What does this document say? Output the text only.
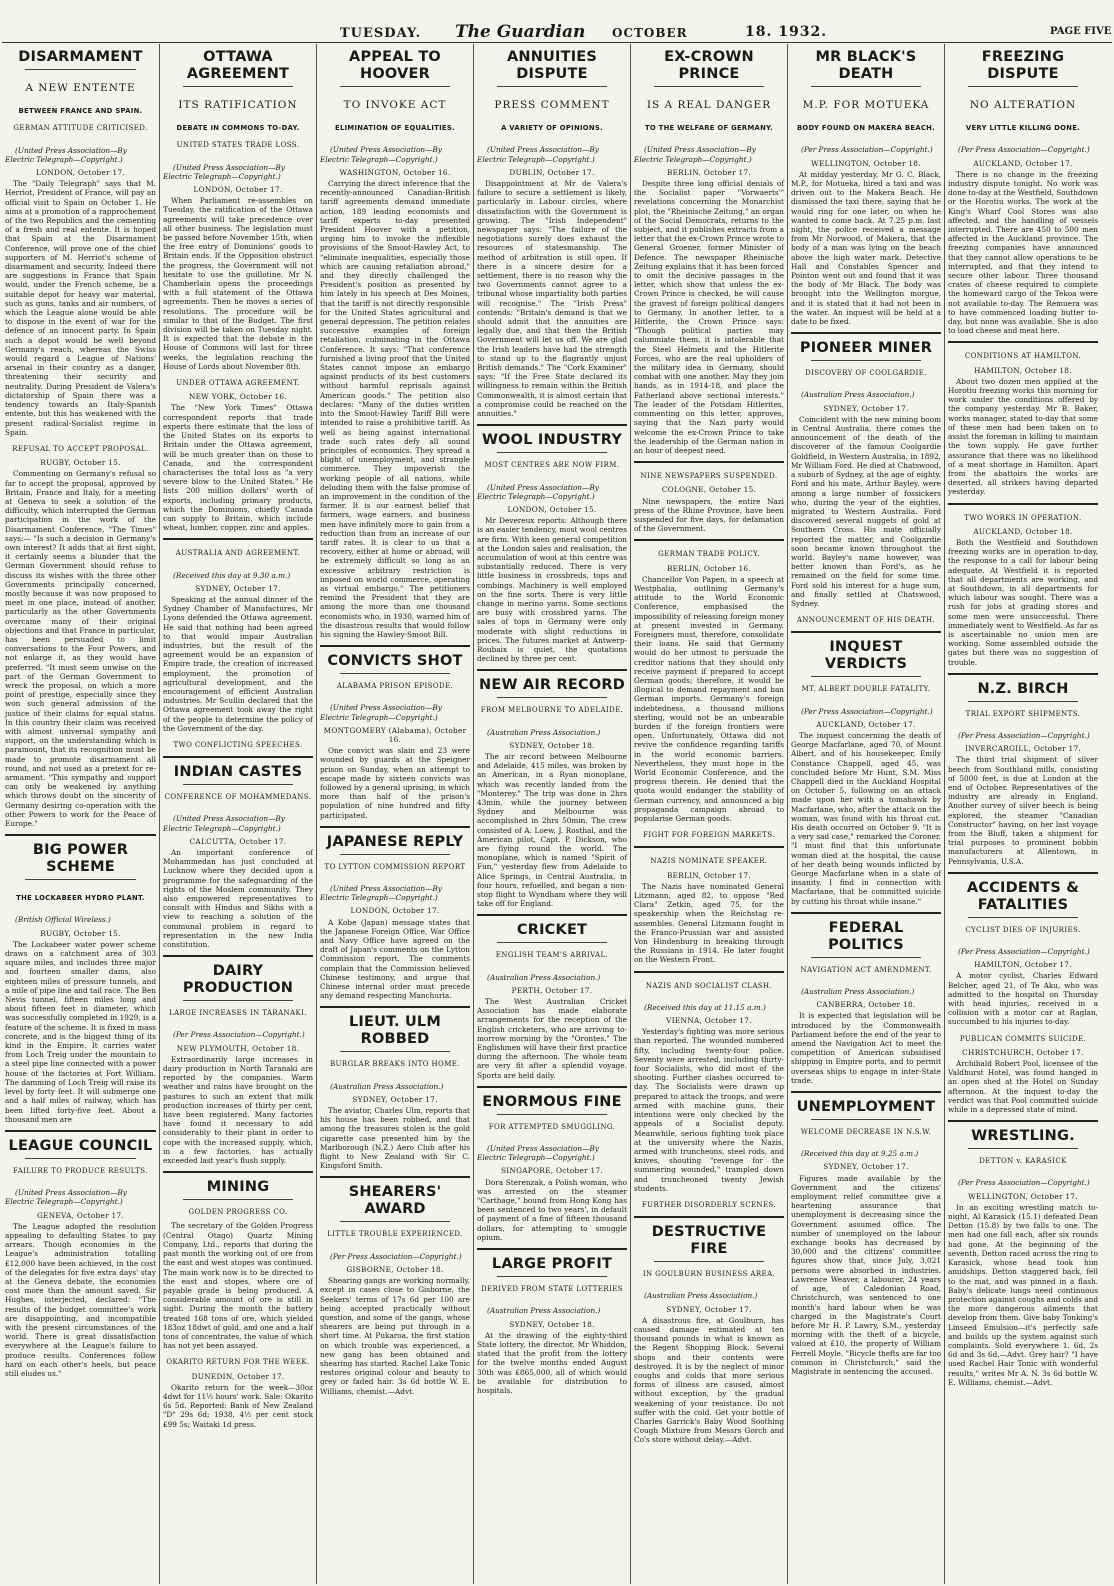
TUESDAY. The Guardian OCTOBER	18. 1932.	PAGE FIVE
DISARMAMENT
A NEW ENTENTE
BETWEEN FRANCE AND SPAIN.
GERMAN ATTITUDE CRITICISED.
(United Press Association—By Electric Telegraph—Copyright.)
LONDON, October 17.

The "Daily Telegraph" says that M. Herriot, President of France, will pay an official visit to Spain on October 1. He aims at a promotion of a rapprochement of the two Republics and the cementing of a fresh and real entente. It is hoped that Spain at the Disarmament Conference, will prove one of the chief supporters of M. Herriot's scheme of disarmament and security. Indeed there are suggestions in France that Spain would, under the French scheme, be a suitable depot for heavy war material, such as guns, tanks and air numbers, of which the League alone would be able to dispose in the event of war for the defence of an innocent party. In Spain such a depot would be well beyond Germany's reach, whereas the Swiss would regard a League of Nations' arsenal in their country as a danger, threatening their security and neutrality. During President de Valera's dictatorship of Spain there was a tendency towards an Italy-Spanish entente, but this has weakened with the present radical-Socialist regime in Spain.

REFUSAL TO ACCEPT PROPOSAL.
RUGBY, October 15.

Commenting on Germany's refusal so far to accept the proposal, approved by Britain, France and Italy, for a meeting at Geneva to seek a solution of the difficulty, which interrupted the German participation in the work of the Disarmament Conference, "The Times" says:— "Is such a decision in Germany's own interest? It adds that at first sight, it certainly seems a blunder that the German Government should refuse to discuss its wishes with the three other Governments principally concerned, mostly because it was now proposed to meet in one place, instead of another, particularly as the other Governments overcame many of their original objections and that France in particular, has been persuaded to limit conversations to the Four Powers, and not enlarge it, as they would have preferred. "It must seem unwise on the part of the German Government to wreck the proposal, on which a more point of prestige, especially since they won such general admission of the justice of their claims for equal status. In this country their claim was received with almost universal sympathy and support, on the understanding which is paramount, that its recognition must be made to promote disarmament all round, and not used as a pretext for re-armament. "This sympathy and support can only be weakened by anything which throws doubt on the sincerity of Germany desiring co-operation with the other Powers to work for the Peace of Europe."

BIG POWER SCHEME
THE LOCKABEER HYDRO PLANT.
(British Official Wireless.)
RUGBY, October 15.

The Lockabeer water power scheme draws on a catchment area of 303 square miles, and includes three major and fourteen smaller dams, also eighteen miles of pressure tunnels, and a mile of pipe line and tail race. The Ben Nevis tunnel, fifteen miles long and about fifteen feet in diameter, which was successfully completed in 1929, is a feature of the scheme. It is fixed in mass concrete, and is the biggest thing of its kind in the Empire. It carries water from Loch Treig under the mountain to a steel pipe line connected with a power house of the factories at Fort William. The damming of Loch Treig will raise its level by forty feet. It will submerge one and a half miles of railway, which has been lifted forty-five feet. About a thousand men are

LEAGUE COUNCIL
FAILURE TO PRODUCE RESULTS.
(United Press Association—By Electric Telegraph—Copyright.)
GENEVA, October 17.

The League adopted the resolution appealing to defaulting States to pay arrears. Though economies in the League's administration totalling £12,000 have been achieved, in the cost of the delegates for five extra days' stay at the Geneva debate, the economies cost more than the amount saved. Sir Hughes, interjected, declared: "The results of the budget committee's work are disappointing, and incompatible with the present circumstances of the world. There is great dissatisfaction everywhere at the League's failure to produce results. Conferences follow hard on each other's heels, but peace still eludes us."

OTTAWA AGREEMENT
ITS RATIFICATION
DEBATE IN COMMONS TO-DAY.
UNITED STATES TRADE LOSS.
(United Press Association—By Electric Telegraph—Copyright.)
LONDON, October 17.

When Parliament re-assembles on Tuesday, the ratification of the Ottawa agreements will take precedence over all other business. The legislation must be passed before November 15th, when the free entry of Dominions' goods to Britain ends. If the Opposition obstruct the progress, the Government will not hesitate to use the guillotine. Mr N. Chamberlain opens the proceedings with a full statement of the Ottawa agreements. Then he moves a series of resolutions. The procedure will be similar to that of the Budget. The first division will be taken on Tuesday night. It is expected that the debate in the House of Commons will last for three weeks, the legislation reaching the House of Lords about November 8th.

UNDER OTTAWA AGREEMENT.
NEW YORK, October 16.

The "New York Times" Ottawa correspondent reports that trade experts there estimate that the loss of the United States on its exports to Britain under the Ottawa agreement, will be much greater than on those to Canada, and the correspondent characterises the total loss as "a very severe blow to the United States." He lists 200 million dollars' worth of exports, including primary products, which the Dominions, chiefly Canada can supply to Britain, which include wheat, lumber, copper, zinc and apples.

AUSTRALIA AND AGREEMENT.
(Received this day at 9.30 a.m.)
SYDNEY, October 17.

Speaking at the annual dinner of the Sydney Chamber of Manufactures, Mr Lyons defended the Ottawa agreement. He said that nothing had been agreed to that would impair Australian industries, but the result of the agreement would be an expansion of Empire trade, the creation of increased employment, the promotion of agricultural development, and the encouragement of efficient Australian industries. Mr Scullin declared that the Ottawa agreement took away the right of the people to determine the policy of the Government of the day.

TWO CONFLICTING SPEECHES.
INDIAN CASTES
CONFERENCE OF MOHAMMEDANS.
(United Press Association—By Electric Telegraph—Copyright.)
CALCUTTA, October 17.

An important conference of Mohammedan has just concluded at Lucknow where they decided upon a programme for the safeguarding of the rights of the Moslem community. They also empowered representatives to consult with Hindus and Sikhs with a view to reaching a solution of the communal problem in regard to representation in the new India constitution.

DAIRY PRODUCTION
LARGE INCREASES IN TARANAKI.
(Per Press Association—Copyright.)
NEW PLYMOUTH, October 18.

Extraordinarily large increases in dairy production in North Taranaki are reported by the companies. Warm weather and rains have brought on the pastures to such an extent that milk production increases of thirty per cent, have been registered. Many factories have found it necessary to add considerably to their plant in order to cope with the increased supply, which, in a few factories, has actually exceeded last year's flush supply.

MINING
GOLDEN PROGRESS CO.

The secretary of the Golden Progress (Central Otago) Quartz Mining Company, Ltd., reports that during the past month the working out of ore from the east and west stopes was continued. The main work now is to be directed to the east and stopes, where ore of payable grade is being produced. A considerable amount of ore is still in sight. During the month the battery treated 168 tons of ore, which yielded 183oz 18dwt of gold, and one and a half tons of concentrates, the value of which has not yet been assayed.

OKARITO RETURN FOR THE WEEK.
DUNEDIN, October 17.

Okarito return for the week—30oz 4dwt for 11½ hours' work. Sale: Okarito 6s 5d. Reported: Bank of New Zealand "D" 29s 6d; 1938, 4½ per cent stock £99 5s; Waitaki 1d press.

APPEAL TO HOOVER
TO INVOKE ACT
ELIMINATION OF EQUALITIES.
(United Press Association—By Electric Telegraph—Copyright.)
WASHINGTON, October 16.

Carrying the direct inference that the recently-announced Canadian-British tariff agreements demand immediate action, 189 leading economists and tariff experts to-day presented President Hoover with a petition, urging him to invoke the inflexible provisions of the Smoot-Hawley Act, to "eliminate inequalities, especially those which are causing retaliation abroad," and they directly challenged the President's position as presented by him lately in his speech at Des Moines, that the tariff is not directly responsible for the United States agricultural and general depression. The petition relates successive examples of foreign retaliation, culminating in the Ottawa Conference. It says: "That conference furnished a living proof that the United States cannot impose an embargo against products of its best customers without harmful reprisals against American goods." The petition also declares: "Many of the duties written into the Smoot-Hawley Tariff Bill were intended to raise a prohibitive tariff. As well as being against international trade such rates defy all sound principles of economics. They spread a blight of unemployment, and strangle commerce. They impoverish the working people of all nations, while deluding them with the false promise of an improvement in the condition of the farmer. It is our earnest belief that farmers, wage earners, and business men have infinitely more to gain from a reduction than from an increase of our tariff rates. It is clear to us that a recovery, either at home or abroad, will be extremely difficult so long as an excessive arbitrary restriction is imposed on world commerce, operating as virtual embargo." The petitioners remind the President that they are among the more than one thousand economists who, in 1930, warned him of the disastrous results that would follow his signing the Hawley-Smoot Bill.

CONVICTS SHOT
ALABAMA PRISON EPISODE.
(United Press Association—By Electric Telegraph—Copyright.)
MONTGOMERY (Alabama), October 16.

One convict was slain and 23 were wounded by guards at the Speigner prison on Sunday, when an attempt to escape made by sixteen convicts was followed by a general uprising, in which more than half of the prison's population of nine hundred and fifty participated.

JAPANESE REPLY
TO LYTTON COMMISSION REPORT
(United Press Association—By Electric Telegraph—Copyright.)
LONDON, October 17.

A Kobe (Japan) message states that the Japanese Foreign Office, War Office and Navy Office have agreed on the draft of Japan's comments on the Lytton Commission report. The comments complain that the Commission believed Chinese testimony, and argue that Chinese internal order must precede any demand respecting Manchuria.

LIEUT. ULM ROBBED
BURGLAR BREAKS INTO HOME.
(Australian Press Association.)
SYDNEY, October 17.

The aviator, Charles Ulm, reports that his house has been robbed, and that among the treasures stolen is the gold cigarette case presented him by the Marlborough (N.Z.) Aero Club after his flight to New Zealand with Sir C. Kingsford Smith.

SHEARERS' AWARD
LITTLE TROUBLE EXPERIENCED.
(Per Press Association—Copyright.)
GISBORNE, October 18.

Shearing gangs are working normally, except in cases close to Gisborne, the Seekers' terms of 17s 6d per 100 are being accepted practically without question, and some of the gangs, whose shearers are being put through in a short time. At Pukaroa, the first station on which trouble was experienced, a new gang has been obtained and shearing has started. Rachel Lake Tonic restores original colour and beauty to grey or faded hair. 3s 6d bottle W. E. Williams, chemist.—Advt.

ANNUITIES DISPUTE
PRESS COMMENT
A VARIETY OF OPINIONS.
(United Press Association—By Electric Telegraph—Copyright.)
DUBLIN, October 17.

Disappointment at Mr de Valera's failure to secure a settlement is likely, particularly in Labour circles, where dissatisfaction with the Government is growing. The "Irish Independent" newspaper says: "The failure of the negotiations surely does exhaust the resources of statesmanship. The method of arbitration is still open. If there is a sincere desire for a settlement, there is no reason why the two Governments cannot agree to a tribunal whose impartiality both parties will recognise." The "Irish Press" contends: "Britain's demand is that we should admit that the annuities are legally due, and that then the British Government will let us off. We are glad the Irish leaders have had the strength to stand up to the flagrantly unjust British demands." The "Cork Examiner" says: "If the Free State declared its willingness to remain within the British Commonwealth, it is almost certain that a compromise could be reached on the annuities."

WOOL INDUSTRY
MOST CENTRES ARE NOW FIRM.
(United Press Association—By Electric Telegraph—Copyright.)
LONDON, October 15.

Mr Devereux reports: Although there is an easier tendency, most wool centres are firm. With keen general competition at the London sales and realisation, the accumulation of wool at this centre was substantially reduced. There is very little business in crossbreds, tops and combings. Machinery is well employed on the fine sorts. There is very little change in merino yarns. Some sections are busy with crossbred yarns. The sales of tops in Germany were only moderate with slight reductions in prices. The futures market at Antwerp-Roubaix is quiet, the quotations declined by three per cent.

NEW AIR RECORD
FROM MELBOURNE TO ADELAIDE.
(Australian Press Association.)
SYDNEY, October 18.

The air record between Melbourne and Adelaide, 415 miles, was broken by an American, in a Ryan monoplane, which was recently landed from the "Monterey." The trip was done in 2hrs 43min, while the journey between Sydney and Melbourne was accomplished in 2hrs 50min. The crew consisted of A. Loew, J. Rosthal, and the American pilot, Capt. P. Dickson, who are flying round the world. The monoplane, which is named "Spirit of Fun," yesterday flew from Adelaide to Alice Springs, in Central Australia, in four hours, refuelled, and began a non-stop flight to Wyndham where they will take off for England.

CRICKET
ENGLISH TEAM'S ARRIVAL.
(Australian Press Association.)
PERTH, October 17.

The West Australian Cricket Association has made elaborate arrangements for the reception of the English cricketers, who are arriving to-morrow morning by the "Orontes." The Englishmen will have their first practice during the afternoon. The whole team are very fit after a splendid voyage. Sports are held daily.

ENORMOUS FINE
FOR ATTEMPTED SMUGGLING.
(United Press Association—By Electric Telegraph—Copyright.)
SINGAPORE, October 17.

Dora Sterenzak, a Polish woman, who was arrested on the steamer "Carthage," bound from Hong Kong has been sentenced to two years', in default of payment of a fine of fifteen thousand dollars, for attempting to smuggle opium.

LARGE PROFIT
DERIVED FROM STATE LOTTERIES
(Australian Press Association.)
SYDNEY, October 18.

At the drawing of the eighty-third State lottery, the director, Mr Whiddon, stated that the profit from the lottery for the twelve months ended August 30th was £865,000, all of which would be available for distribution to hospitals.

EX-CROWN PRINCE
IS A REAL DANGER
TO THE WELFARE OF GERMANY.
(United Press Association—By Electric Telegraph—Copyright.)
BERLIN, October 17.

Despite three long official denials of the Socialist paper "Vorwaerts'" revelations concerning the Monarchist plot, the "Rheinische Zeitung," an organ of the Social Democrats, returns to the subject, and it publishes extracts from a letter that the ex-Crown Prince wrote to General Groener, former Minister of Defence. The newspaper Rheinische Zeitung explains that it has been forced to omit the decisive passages in the letter, which show that unless the ex-Crown Prince is checked, he will cause the gravest of foreign political dangers to Germany. In another letter, to a Hitlerite, the Crown Prince says: "Though political parties may calumniate them, it is intolerable that the Steel Helmets and the Hitlerite Forces, who are the real upholders of the military idea in Germany, should combat with one another. May they join hands, as in 1914-18, and place the Fatherland above sectional interests." The leader of the Potsdam Hitlerites, commenting on this letter, approves, saying that the Nazi party would welcome the ex-Crown Prince to take the leadership of the German nation in an hour of deepest need.

NINE NEWSPAPERS SUSPENDED.
COLOGNE, October 15.

Nine newspapers, the entire Nazi press of the Rhine Province, have been suspended for five days, for defamation of the Government.

GERMAN TRADE POLICY.
BERLIN, October 16.

Chancellor Von Papen, in a speech at Westphalia, outlining Germany's attitude to the World Economic Conference, emphasised the impossibility of releasing foreign money at present invested in Germany. Foreigners must, therefore, consolidate their loans. He said that Germany would do her utmost to persuade the creditor nations that they should only receive payment if prepared to accept German goods; therefore, it would be illogical to demand repayment and ban German imports. Germany's foreign indebtedness, a thousand millions sterling, would not be an unbearable burden if the foreign frontiers were open. Unfortunately, Ottawa did not revive the confidence regarding tariffs in the world economic barriers. Nevertheless, they must hope in the World Economic Conference, and the progress therein. He denied that the quota would endanger the stability of German currency, and announced a big propaganda campaign abroad to popularise German goods.

FIGHT FOR FOREIGN MARKETS.
NAZIS NOMINATE SPEAKER.
BERLIN, October 17.

The Nazis have nominated General Litzmann, aged 82, to oppose "Red Clara" Zetkin, aged 75, for the speakership when the Reichstag re-assembles. General Litzmann fought in the Franco-Prussian war and assisted Von Hindenburg in breaking through the Russians in 1914. He later fought on the Western Front.

NAZIS AND SOCIALIST CLASH.
(Received this day at 11.15 a.m.)
VIENNA, October 17.

Yesterday's fighting was more serious than reported. The wounded numbered fifty, including twenty-four police. Seventy were arrested, including thirty-four Socialists, who did most of the shooting. Further clashes occurred to-day. The Socialists were drawn up prepared to attack the troops, and were armed with machine guns, their intentions were only checked by the appeals of a Socialist deputy. Meanwhile, serious fighting took place at the university where the Nazis, armed with truncheons, steel rods, and knives, shouting "revenge for the summering wounded," trampled down and truncheoned twenty Jewish students.

FURTHER DISORDERLY SCENES.
DESTRUCTIVE FIRE
IN GOULBURN BUSINESS AREA.
(Australian Press Association.)
SYDNEY, October 17.

A disastrous fire, at Goulburn, has caused damage estimated at ten thousand pounds in what is known as the Regent Shopping Block. Several shops and their contents were destroyed. It is by the neglect of minor coughs and colds that more serious forms of illness are caused, almost without exception, by the gradual weakening of your resistance. Do not suffer with the cold. Get your bottle of Charles Garrick's Baby Wood Soothing Cough Mixture from Messrs Gorch and Co's store without delay.—Advt.

MR BLACK'S DEATH
M.P. FOR MOTUEKA
BODY FOUND ON MAKERA BEACH.
(Per Press Association—Copyright.)
WELLINGTON, October 18.

At midday yesterday, Mr G. C. Black, M.P., for Motueka, hired a taxi and was driven out to the Makera Beach. He dismissed the taxi there, saying that he would ring for one later, on when he wanted to come back. At 7.25 p.m. last night, the police received a message from Mr Norwood, of Makera, that the body of a man was lying on the beach above the high water mark. Detective Hall and Constables Spencer and Pointon went out and found that it was the body of Mr Black. The body was brought into the Wellington morgue, and it is stated that it had not been in the water. An inquest will be held at a date to be fixed.

PIONEER MINER
DISCOVERY OF COOLGARDIE.
(Australian Press Association.)
SYDNEY, October 17.

Coincident with the new mining boom in Central Australia, there comes the announcement of the death of the discoverer of the famous Coolgardie Goldfield, in Western Australia, in 1892, Mr William Ford. He died at Chatswood, a suburb of Sydney, at the age of eighty. Ford and his mate, Arthur Bayley, were among a large number of fossickers who, during the year of the eighties, migrated to Western Australia. Ford discovered several nuggets of gold at Southern Cross. His mate officially reported the matter, and Coolgardie soon became known throughout the world. Bayley's name however, was better known than Ford's, as he remained on the field for some time. Ford sold his interest for a huge sum, and finally settled at Chatswood, Sydney.

ANNOUNCEMENT OF HIS DEATH.
INQUEST VERDICTS
MT. ALBERT DOUBLE FATALITY.
(Per Press Association—Copyright.)
AUCKLAND, October 17.

The inquest concerning the death of George Macfarlane, aged 70, of Mount Albert, and of his housekeeper, Emily Constance Chappell, aged 45, was concluded before Mr Hunt, S.M. Miss Chappell died in the Auckland Hospital on October 5, following on an attack made upon her with a tomahawk by Macfarlane, who, after the attack on the woman, was found with his throat cut. His death occurred on October 9. "It is a very sad case," remarked the Coroner. "I must find that this unfortunate woman died at the hospital, the cause of her death being wounds inflicted by George Macfarlane when in a state of insanity. I find in connection with Macfarlane, that he committed suicide by cutting his throat while insane."

FEDERAL POLITICS
NAVIGATION ACT AMENDMENT.
(Australian Press Association.)
CANBERRA, October 18.

It is expected that legislation will be introduced by the Commonwealth Parliament before the end of the year to amend the Navigation Act to meet the competition of American subsidised shipping in Empire ports, and to permit overseas ships to engage in inter-State trade.

UNEMPLOYMENT
WELCOME DECREASE IN N.S.W.
(Received this day at 9.25 a.m.)
SYDNEY, October 17.

Figures made available by the Government and the citizens' employment relief committee give a heartening assurance that unemployment is decreasing since the Government assumed office. The number of unemployed on the labour exchange books has decreased by 30,000 and the citizens' committee figures show that, since July, 3,021 persons were absorbed in industries. Lawrence Weaver, a labourer, 24 years of age, of Caledonian Road, Christchurch, was sentenced to one month's hard labour when he was charged in the Magistrate's Court before Mr H. P. Lawry, S.M., yesterday morning with the theft of a bicycle, valued at £10, the property of William Ferrell Moyle. "Bicycle thefts are far too common in Christchurch," said the Magistrate in sentencing the accused.

FREEZING DISPUTE
NO ALTERATION
VERY LITTLE KILLING DONE.
(Per Press Association—Copyright.)
AUCKLAND, October 17.

There is no change in the freezing industry dispute tonight. No work was done to-day at the Westfield, Southdown or the Horotiu works. The work at the King's Wharf Cool Stores was also affected, and the handling of vessels interrupted. There are 450 to 500 men affected in the Auckland province. The freezing companies have announced that they cannot allow operations to be interrupted, and that they intend to secure other labour. Three thousand crates of cheese required to complete the homeward cargo of the Tekoa were not available to-day. The Remuera was to have commenced loading butter to-day, but none was available. She is also to load cheese and meat here.

CONDITIONS AT HAMILTON.
HAMILTON, October 18.

About two dozen men applied at the Horotiu freezing works this morning for work under the conditions offered by the company yesterday. Mr B. Baker, works manager, stated to-day that some of these men had been taken on to assist the foreman in killing to maintain the town supply. He gave further assurance that there was no likelihood of a meat shortage in Hamilton. Apart from the abattoirs the works are deserted, all strikers having departed yesterday.

TWO WORKS IN OPERATION.
AUCKLAND, October 18.

Both the Westfield and Southdown freezing works are in operation to-day, the response to a call for labour being adequate. At Westfield it is reported that all departments are working, and at Southdown, in all departments for which labour was sought. There was a rush for jobs at grading stores and some men were unsuccessful. There immediately went to Westfield. As far as is ascertainable no union men are working. Some assembled outside the gates but there was no suggestion of trouble.

N.Z. BIRCH
TRIAL EXPORT SHIPMENTS.
(Per Press Association—Copyright.)
INVERCARGILL, October 17.

The third trial shipment of silver beech from Southland mills, consisting of 5000 feet, is due at London at the end of October. Representatives of the industry are already in England. Another survey of silver beech is being explored, the steamer "Canadian Constructor" having, on her last voyage from the Bluff, taken a shipment for trial purposes to prominent bobbin manufacturers at Allentown, in Pennsylvania, U.S.A.

ACCIDENTS & FATALITIES
CYCLIST DIES OF INJURIES.
(Per Press Association—Copyright.)
HAMILTON, October 17.

A motor cyclist, Charles Edward Belcher, aged 21, of Te Aku, who was admitted to the hospital on Thursday with head injuries, received in a collision with a motor car at Raglan, succumbed to his injuries to-day.

PUBLICAN COMMITS SUICIDE.
CHRISTCHURCH, October 17.

Archibald Robert Pool, licensee of the Valdhurst Hotel, was found hanged in an open shed at the Hotel on Sunday afternoon. At the inquest to-day the verdict was that Pool committed suicide while in a depressed state of mind.

WRESTLING.
DETTON v. KARASICK
(Per Press Association—Copyright.)
WELLINGTON, October 17.

In an exciting wrestling match to-night, Al Karasick (15.1) defeated Dean Detton (15.8) by two falls to one. The men had one fall each, after six rounds had gone. At the beginning of the seventh, Detton raced across the ring to Karasick, whose head took him amidships. Detton staggered back, fell to the mat, and was pinned in a flash. Baby's delicate lungs need continuous protection against coughs and colds and the more dangerous ailments that develop from them. Give baby Tonking's Linseed Emulsion—it's perfectly safe and builds up the system against such complaints. Sold everywhere 1. 6d, 2s 6d and 3s 6d.—Advt. Grey hair? "I have used Rachel Hair Tonic with wonderful results," writes Mr A. N. 3s 6d bottle W. E. Williams, chemist.—Advt.
